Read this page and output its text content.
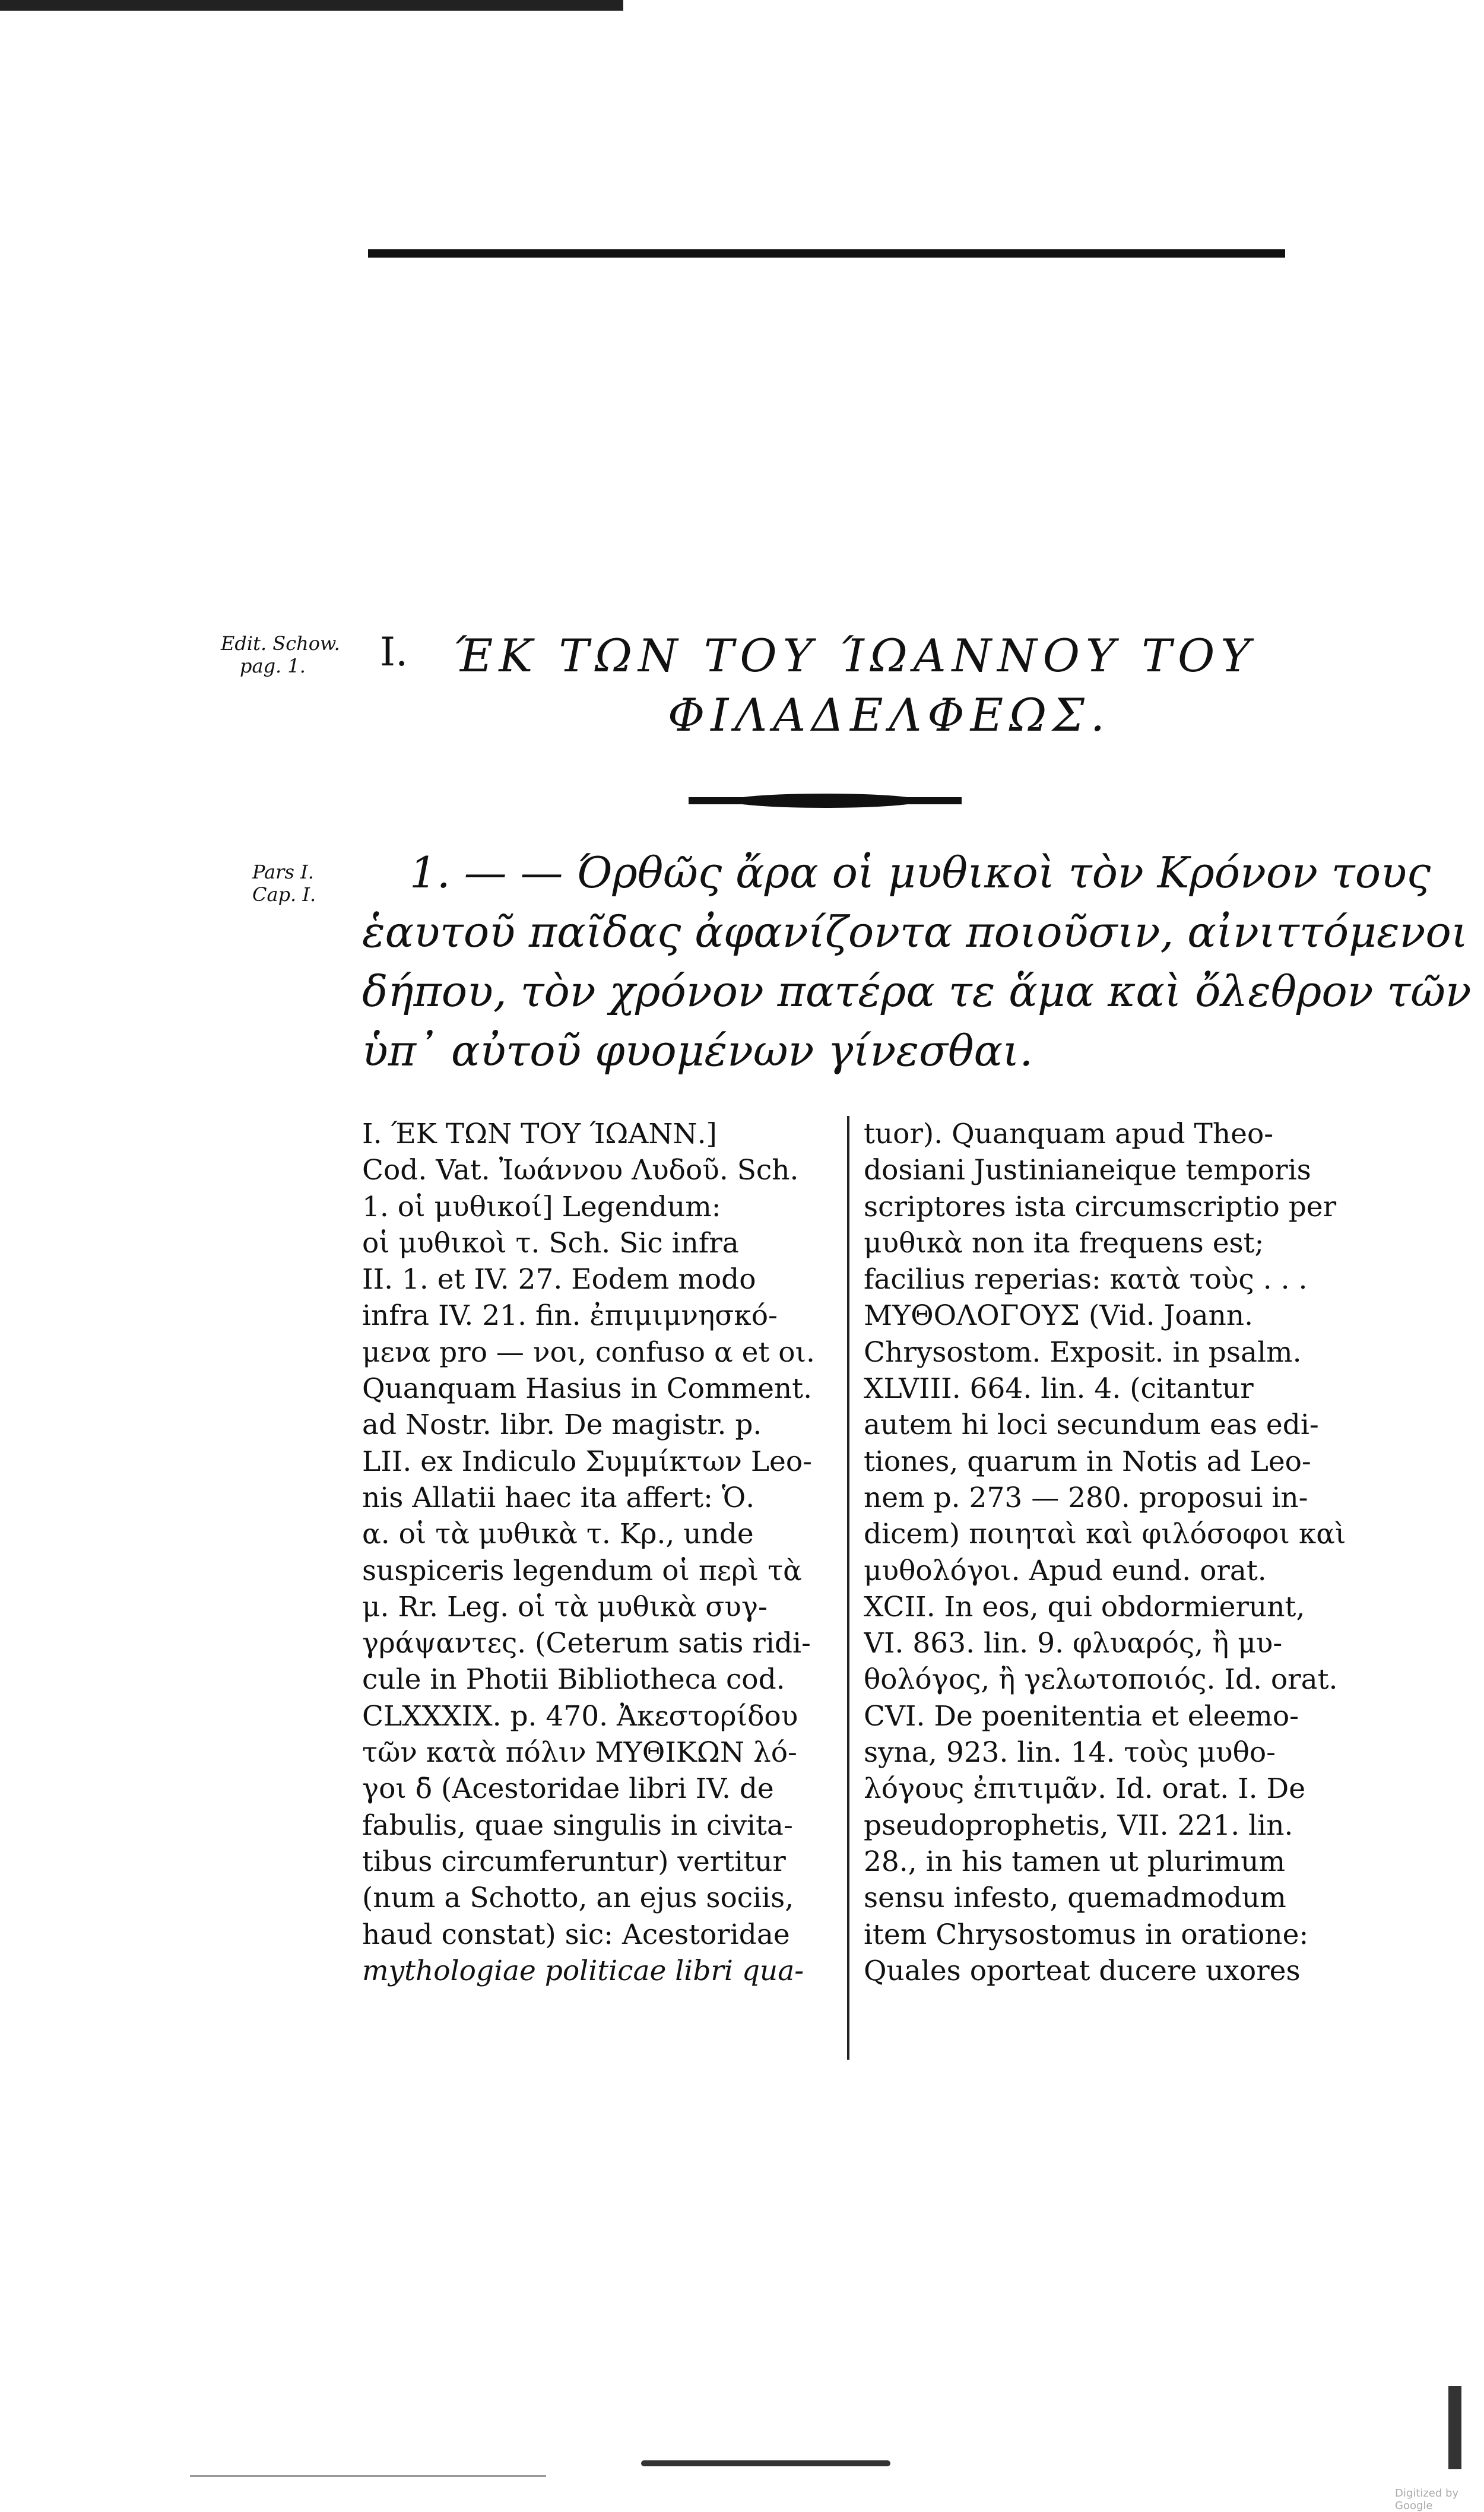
Edit. Schow.
pag. 1.	I. ΈΚ ΤΩΝ ΤΟΥ ΊΩΑΝΝΟΥ ΤΟΥ
ΦΙΛΑΔΕΛΦΕΩΣ.
Pars I.
Cap. I.	1. — — Όρθῶς ἄρα οἱ μυθικοὶ τὸν Κρόνον τους
ἑαυτοῦ παῖδας ἀφανίζοντα ποιοῦσιν, αἰνιττόμενοι
δήπου, τὸν χρόνον πατέρα τε ἅμα καὶ ὄλεθρον τῶν
ὑπ᾽ αὐτοῦ φυομένων γίνεσθαι.
I. ΈΚ ΤΩΝ ΤΟΥ ΊΩΑΝΝ.]
Cod. Vat. Ἰωάννου Λυδοῦ. Sch.
1. οἱ μυθικοί] Legendum:
οἱ μυθικοὶ τ. Sch. Sic infra
II. 1. et IV. 27. Eodem modo
infra IV. 21. fin. ἐπιμιμνησκό-
μενα pro — νοι, confuso α et οι.
Quanquam Hasius in Comment.
ad Nostr. libr. De magistr. p.
LII. ex Indiculo Συμμίκτων Leo-
nis Allatii haec ita affert: Ὁ.
α. οἱ τὰ μυθικὰ τ. Κρ., unde
suspiceris legendum οἱ περὶ τὰ
μ. Rr. Leg. οἱ τὰ μυθικὰ συγ-
γράψαντες. (Ceterum satis ridi-
cule in Photii Bibliotheca cod.
CLXXXIX. p. 470. Ἀκεστορίδου
τῶν κατὰ πόλιν ΜΥΘΙΚΩΝ λό-
γοι δ̄ (Acestoridae libri IV. de
fabulis, quae singulis in civita-
tibus circumferuntur) vertitur
(num a Schotto, an ejus sociis,
haud constat) sic: Acestoridae
mythologiae politicae libri qua-
tuor). Quanquam apud Theo-
dosiani Justinianeique temporis
scriptores ista circumscriptio per
μυθικὰ non ita frequens est;
facilius reperias: κατὰ τοὺς . . .
ΜΥΘΟΛΟΓΟΥΣ (Vid. Joann.
Chrysostom. Exposit. in psalm.
XLVIII. 664. lin. 4. (citantur
autem hi loci secundum eas edi-
tiones, quarum in Notis ad Leo-
nem p. 273 — 280. proposui in-
dicem) ποιηταὶ καὶ φιλόσοφοι καὶ
μυθολόγοι. Apud eund. orat.
XCII. In eos, qui obdormierunt,
VI. 863. lin. 9. φλυαρός, ἢ μυ-
θολόγος, ἢ γελωτοποιός. Id. orat.
CVI. De poenitentia et eleemo-
syna, 923. lin. 14. τοὺς μυθο-
λόγους ἐπιτιμᾶν. Id. orat. I. De
pseudoprophetis, VII. 221. lin.
28., in his tamen ut plurimum
sensu infesto, quemadmodum
item Chrysostomus in oratione:
Quales oporteat ducere uxores
Digitized by Google
